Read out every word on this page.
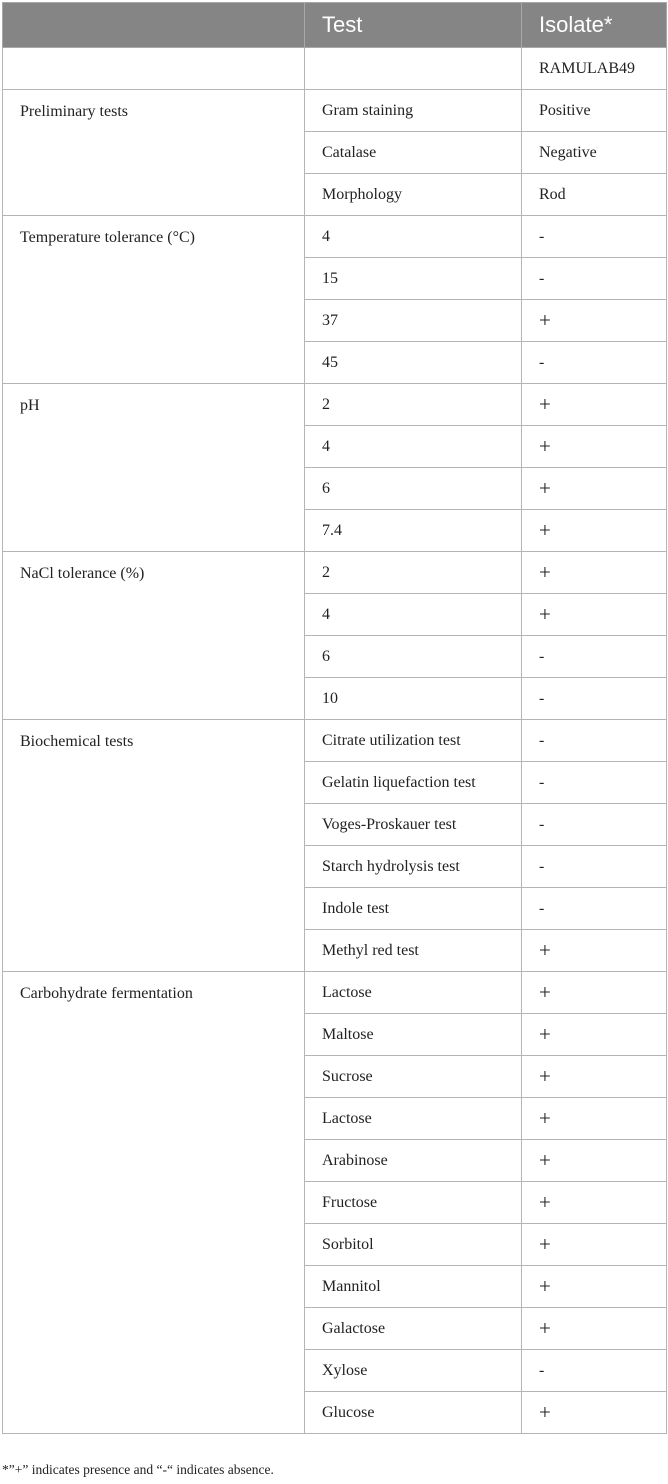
	Test	Isolate*
		RAMULAB49
Preliminary tests	Gram staining	Positive
	Catalase	Negative
	Morphology	Rod
Temperature tolerance (°C)	4	-
	15	-
	37	+
	45	-
pH	2	+
	4	+
	6	+
	7.4	+
NaCl tolerance (%)	2	+
	4	+
	6	-
	10	-
Biochemical tests	Citrate utilization test	-
	Gelatin liquefaction test	-
	Voges-Proskauer test	-
	Starch hydrolysis test	-
	Indole test	-
	Methyl red test	+
Carbohydrate fermentation	Lactose	+
	Maltose	+
	Sucrose	+
	Lactose	+
	Arabinose	+
	Fructose	+
	Sorbitol	+
	Mannitol	+
	Galactose	+
	Xylose	-
	Glucose	+
*”+” indicates presence and “-“ indicates absence.
